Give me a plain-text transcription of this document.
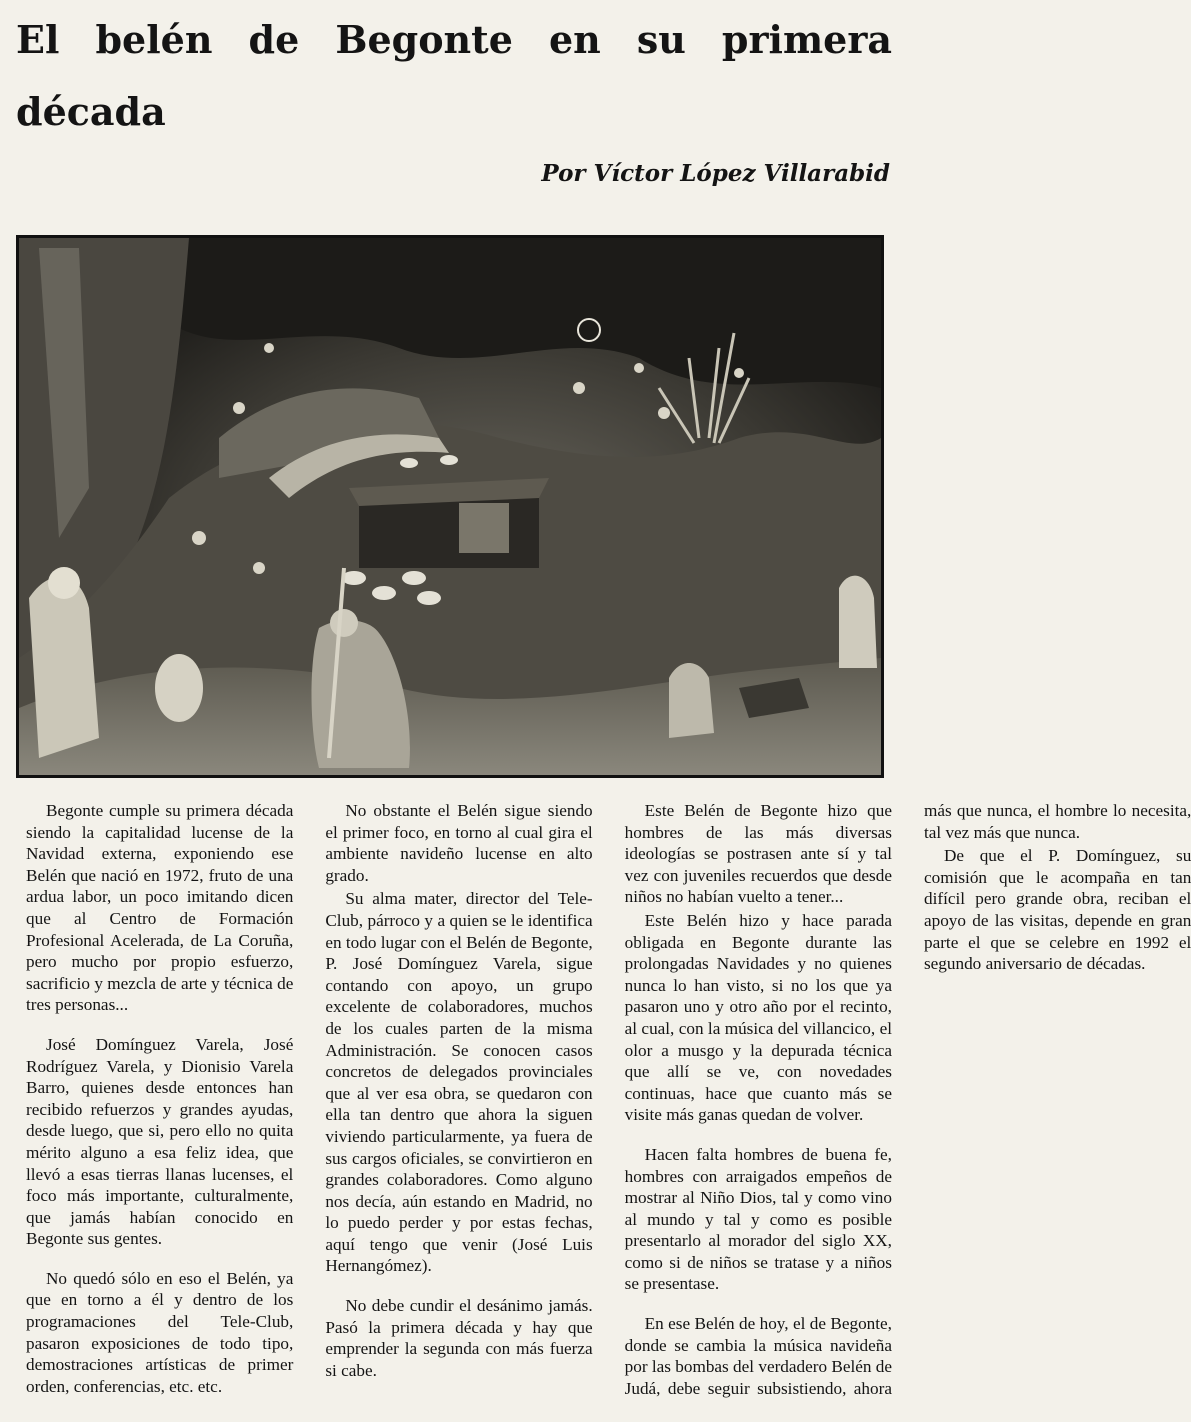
El belén de Begonte en su primera década

Por Víctor López Villarabid

Begonte cumple su primera década siendo la capitalidad lucense de la Navidad externa, exponiendo ese Belén que nació en 1972, fruto de una ardua labor, un poco imitando dicen que al Centro de Formación Profesional Acelerada, de La Coruña, pero mucho por propio esfuerzo, sacrificio y mezcla de arte y técnica de tres personas...

José Domínguez Varela, José Rodríguez Varela, y Dionisio Varela Barro, quienes desde entonces han recibido refuerzos y grandes ayudas, desde luego, que si, pero ello no quita mérito alguno a esa feliz idea, que llevó a esas tierras llanas lucenses, el foco más importante, culturalmente, que jamás habían conocido en Begonte sus gentes.

No quedó sólo en eso el Belén, ya que en torno a él y dentro de los programaciones del Tele-Club, pasaron exposiciones de todo tipo, demostraciones artísticas de primer orden, conferencias, etc. etc.

No obstante el Belén sigue siendo el primer foco, en torno al cual gira el ambiente navideño lucense en alto grado.

Su alma mater, director del Tele-Club, párroco y a quien se le identifica en todo lugar con el Belén de Begonte, P. José Domínguez Varela, sigue contando con apoyo, un grupo excelente de colaboradores, muchos de los cuales parten de la misma Administración. Se conocen casos concretos de delegados provinciales que al ver esa obra, se quedaron con ella tan dentro que ahora la siguen viviendo particularmente, ya fuera de sus cargos oficiales, se convirtieron en grandes colaboradores. Como alguno nos decía, aún estando en Madrid, no lo puedo perder y por estas fechas, aquí tengo que venir (José Luis Hernangómez).

No debe cundir el desánimo jamás. Pasó la primera década y hay que emprender la segunda con más fuerza si cabe.

Este Belén de Begonte hizo que hombres de las más diversas ideologías se postrasen ante sí y tal vez con juveniles recuerdos que desde niños no habían vuelto a tener...

Este Belén hizo y hace parada obligada en Begonte durante las prolongadas Navidades y no quienes nunca lo han visto, si no los que ya pasaron uno y otro año por el recinto, al cual, con la música del villancico, el olor a musgo y la depurada técnica que allí se ve, con novedades continuas, hace que cuanto más se visite más ganas quedan de volver.

Hacen falta hombres de buena fe, hombres con arraigados empeños de mostrar al Niño Dios, tal y como vino al mundo y tal y como es posible presentarlo al morador del siglo XX, como si de niños se tratase y a niños se presentase.

En ese Belén de hoy, el de Begonte, donde se cambia la música navideña por las bombas del verdadero Belén de Judá, debe seguir subsistiendo, ahora más que nunca, el hombre lo necesita, tal vez más que nunca.

De que el P. Domínguez, su comisión que le acompaña en tan difícil pero grande obra, reciban el apoyo de las visitas, depende en gran parte el que se celebre en 1992 el segundo aniversario de décadas.
